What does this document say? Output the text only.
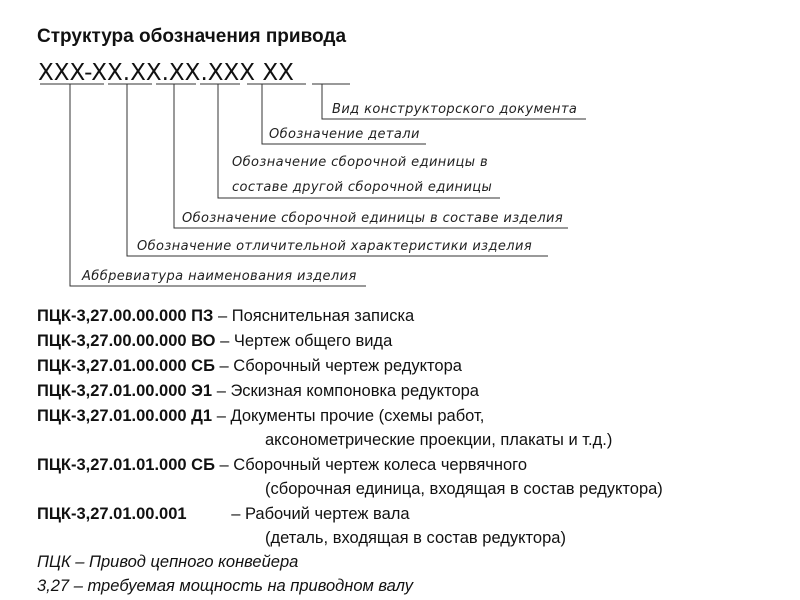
Структура обозначения привода
XXX-XX.XX.XX.XXX XX
Вид конструкторского документа
Обозначение детали
Обозначение сборочной единицы в
составе другой сборочной единицы
Обозначение сборочной единицы в составе изделия
Обозначение отличительной характеристики изделия
Аббревиатура наименования изделия
ПЦК-3,27.00.00.000 ПЗ – Пояснительная записка
ПЦК-3,27.00.00.000 ВО – Чертеж общего вида
ПЦК-3,27.01.00.000 СБ – Сборочный чертеж редуктора
ПЦК-3,27.01.00.000 Э1 – Эскизная компоновка редуктора
ПЦК-3,27.01.00.000 Д1 – Документы прочие (схемы работ,
аксонометрические проекции, плакаты и т.д.)
ПЦК-3,27.01.01.000 СБ – Сборочный чертеж колеса червячного
(сборочная единица, входящая в состав редуктора)
ПЦК-3,27.01.00.001	– Рабочий чертеж вала
(деталь, входящая в состав редуктора)
ПЦК – Привод цепного конвейера
3,27 – требуемая мощность на приводном валу
